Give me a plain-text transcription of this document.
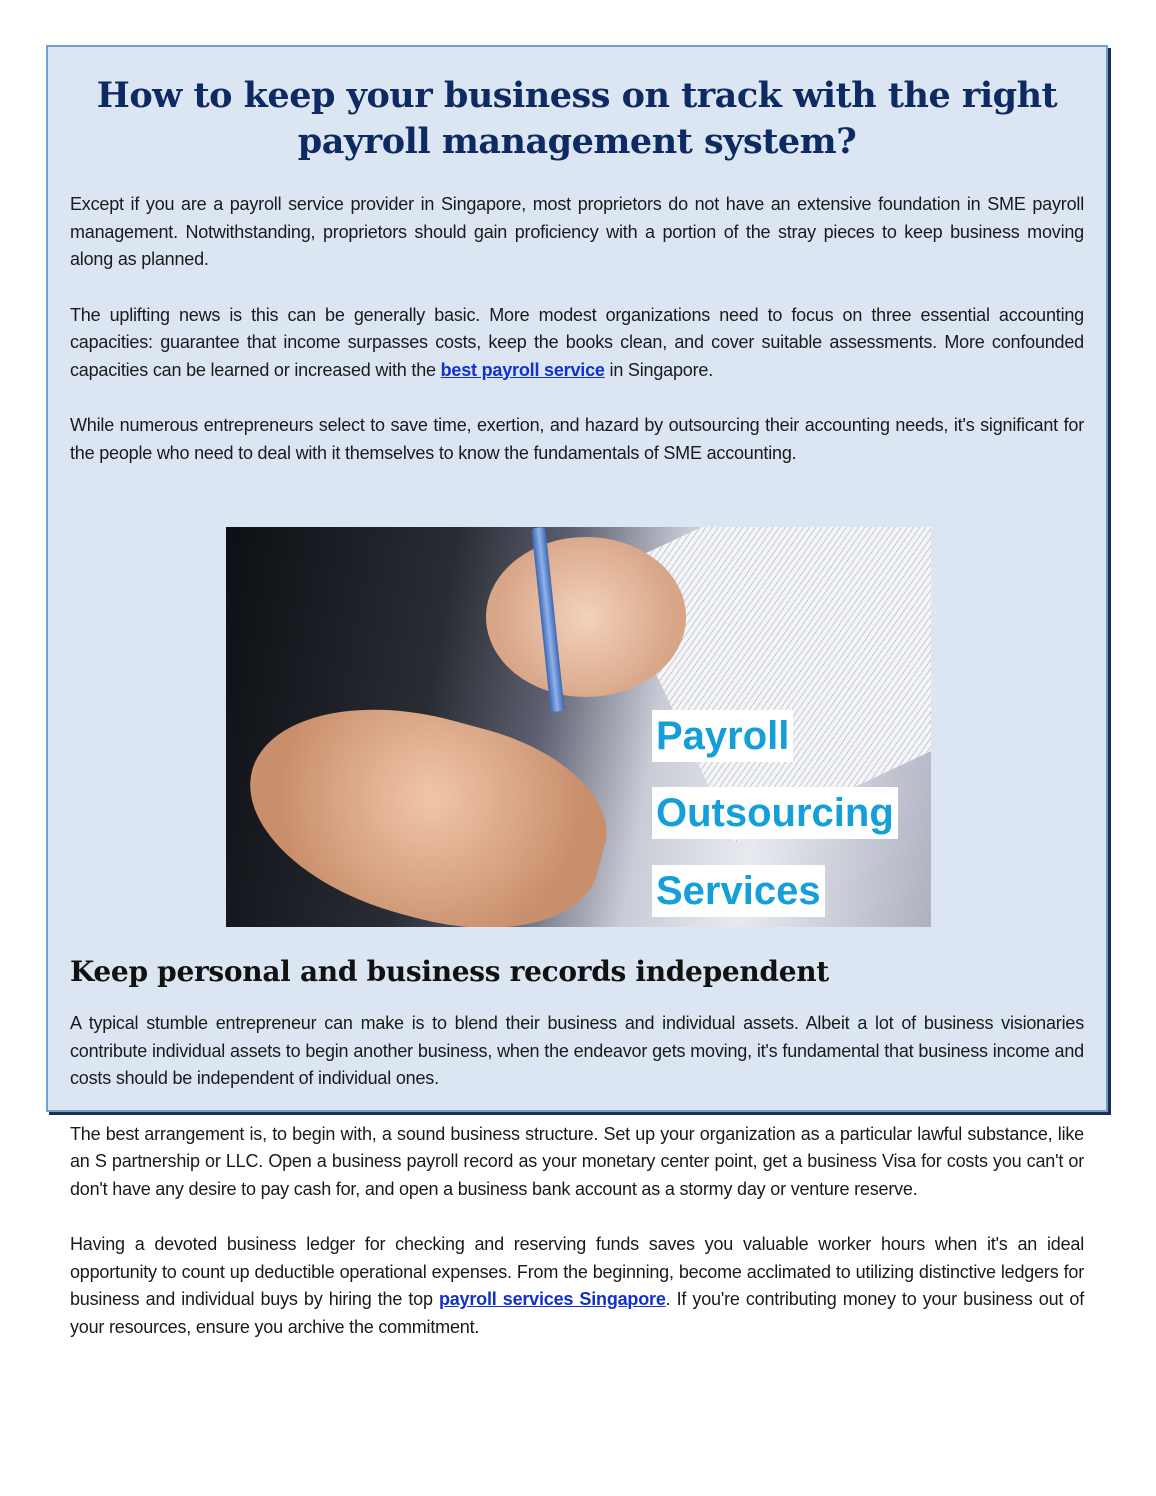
How to keep your business on track with the right payroll management system?

Except if you are a payroll service provider in Singapore, most proprietors do not have an extensive foundation in SME payroll management. Notwithstanding, proprietors should gain proficiency with a portion of the stray pieces to keep business moving along as planned.

The uplifting news is this can be generally basic. More modest organizations need to focus on three essential accounting capacities: guarantee that income surpasses costs, keep the books clean, and cover suitable assessments. More confounded capacities can be learned or increased with the best payroll service in Singapore.

While numerous entrepreneurs select to save time, exertion, and hazard by outsourcing their accounting needs, it's significant for the people who need to deal with it themselves to know the fundamentals of SME accounting.

Payroll
Outsourcing
Services
Keep personal and business records independent

A typical stumble entrepreneur can make is to blend their business and individual assets. Albeit a lot of business visionaries contribute individual assets to begin another business, when the endeavor gets moving, it's fundamental that business income and costs should be independent of individual ones.

The best arrangement is, to begin with, a sound business structure. Set up your organization as a particular lawful substance, like an S partnership or LLC. Open a business payroll record as your monetary center point, get a business Visa for costs you can't or don't have any desire to pay cash for, and open a business bank account as a stormy day or venture reserve.

Having a devoted business ledger for checking and reserving funds saves you valuable worker hours when it's an ideal opportunity to count up deductible operational expenses. From the beginning, become acclimated to utilizing distinctive ledgers for business and individual buys by hiring the top payroll services Singapore. If you're contributing money to your business out of your resources, ensure you archive the commitment.
